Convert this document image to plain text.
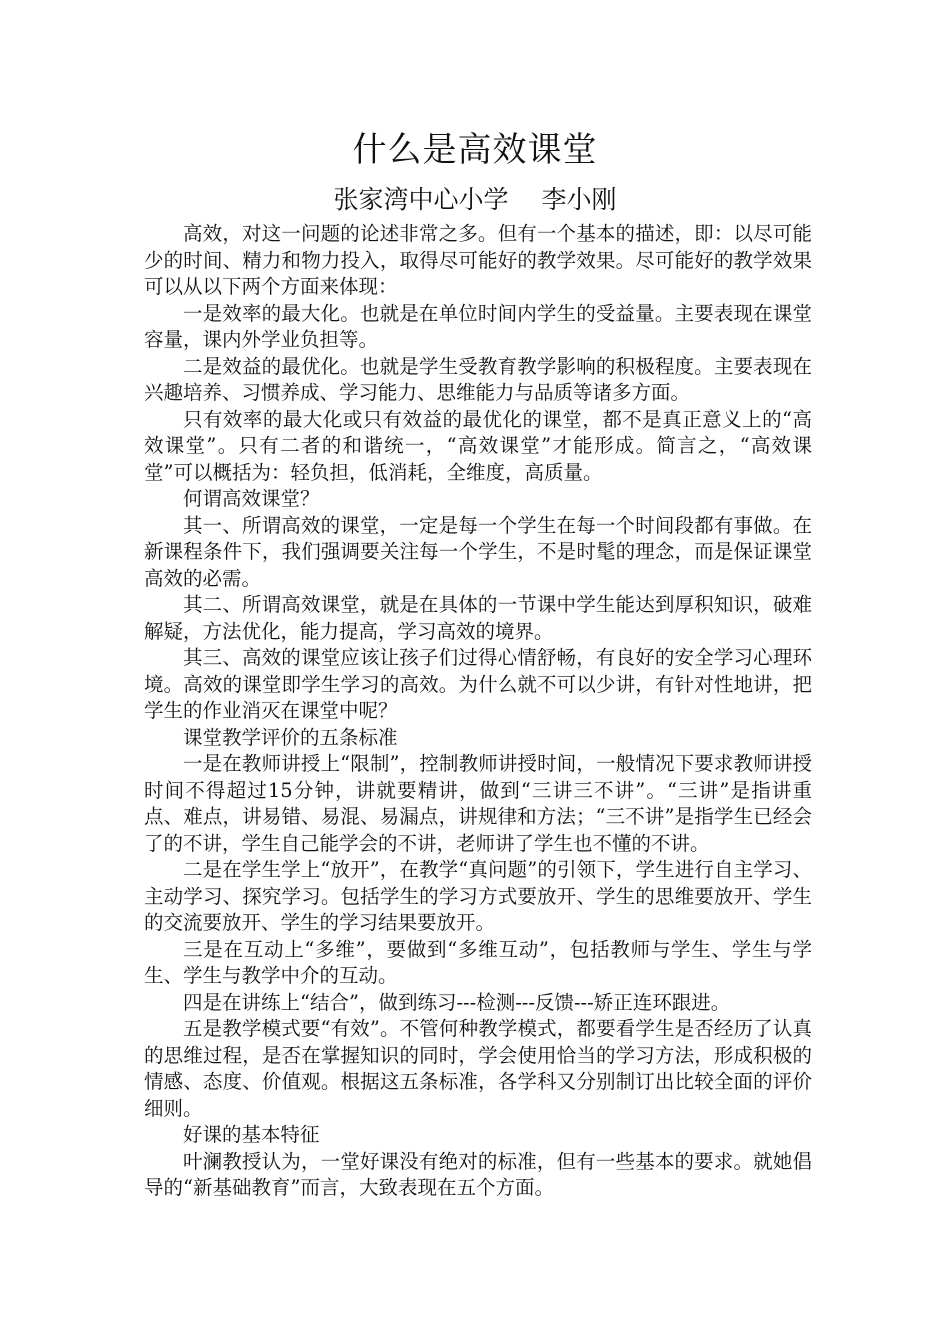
什么是高效课堂
张家湾中心小学　 李小刚

高效，对这一问题的论述非常之多。但有一个基本的描述，即：以尽可能少的时间、精力和物力投入，取得尽可能好的教学效果。尽可能好的教学效果可以从以下两个方面来体现：

一是效率的最大化。也就是在单位时间内学生的受益量。主要表现在课堂容量，课内外学业负担等。

二是效益的最优化。也就是学生受教育教学影响的积极程度。主要表现在兴趣培养、习惯养成、学习能力、思维能力与品质等诸多方面。

只有效率的最大化或只有效益的最优化的课堂，都不是真正意义上的“高效课堂”。只有二者的和谐统一，“高效课堂”才能形成。简言之，“高效课堂”可以概括为：轻负担，低消耗，全维度，高质量。

何谓高效课堂？

其一、所谓高效的课堂，一定是每一个学生在每一个时间段都有事做。在新课程条件下，我们强调要关注每一个学生，不是时髦的理念，而是保证课堂高效的必需。

其二、所谓高效课堂，就是在具体的一节课中学生能达到厚积知识，破难解疑，方法优化，能力提高，学习高效的境界。

其三、高效的课堂应该让孩子们过得心情舒畅，有良好的安全学习心理环境。高效的课堂即学生学习的高效。为什么就不可以少讲，有针对性地讲，把学生的作业消灭在课堂中呢？

课堂教学评价的五条标准

一是在教师讲授上“限制”，控制教师讲授时间，一般情况下要求教师讲授时间不得超过15分钟，讲就要精讲，做到“三讲三不讲”。“三讲”是指讲重点、难点，讲易错、易混、易漏点，讲规律和方法；“三不讲”是指学生已经会了的不讲，学生自己能学会的不讲，老师讲了学生也不懂的不讲。

二是在学生学上“放开”，在教学“真问题”的引领下，学生进行自主学习、主动学习、探究学习。包括学生的学习方式要放开、学生的思维要放开、学生的交流要放开、学生的学习结果要放开。

三是在互动上“多维”，要做到“多维互动”，包括教师与学生、学生与学生、学生与教学中介的互动。

四是在讲练上“结合”，做到练习---检测---反馈---矫正连环跟进。

五是教学模式要“有效”。不管何种教学模式，都要看学生是否经历了认真的思维过程，是否在掌握知识的同时，学会使用恰当的学习方法，形成积极的情感、态度、价值观。根据这五条标准，各学科又分别制订出比较全面的评价细则。

好课的基本特征

叶澜教授认为，一堂好课没有绝对的标准，但有一些基本的要求。就她倡导的“新基础教育”而言，大致表现在五个方面。
